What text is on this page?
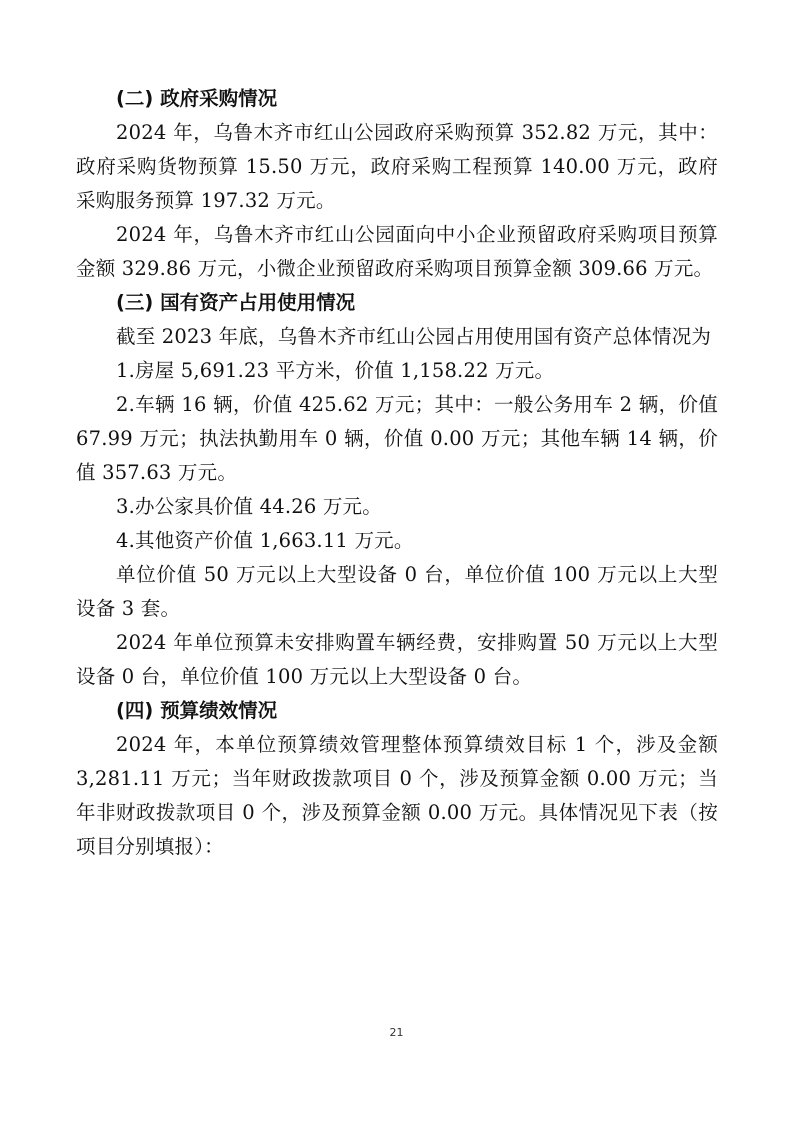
(二) 政府采购情况

2024 年，乌鲁木齐市红山公园政府采购预算 352.82 万元，其中：政府采购货物预算 15.50 万元，政府采购工程预算 140.00 万元，政府采购服务预算 197.32 万元。

2024 年，乌鲁木齐市红山公园面向中小企业预留政府采购项目预算金额 329.86 万元，小微企业预留政府采购项目预算金额 309.66 万元。

(三) 国有资产占用使用情况

截至 2023 年底，乌鲁木齐市红山公园占用使用国有资产总体情况为

1.房屋 5,691.23 平方米，价值 1,158.22 万元。

2.车辆 16 辆，价值 425.62 万元；其中：一般公务用车 2 辆，价值 67.99 万元；执法执勤用车 0 辆，价值 0.00 万元；其他车辆 14 辆，价值 357.63 万元。

3.办公家具价值 44.26 万元。

4.其他资产价值 1,663.11 万元。

单位价值 50 万元以上大型设备 0 台，单位价值 100 万元以上大型设备 3 套。

2024 年单位预算未安排购置车辆经费，安排购置 50 万元以上大型设备 0 台，单位价值 100 万元以上大型设备 0 台。

(四) 预算绩效情况

2024 年，本单位预算绩效管理整体预算绩效目标 1 个，涉及金额 3,281.11 万元；当年财政拨款项目 0 个，涉及预算金额 0.00 万元；当年非财政拨款项目 0 个，涉及预算金额 0.00 万元。具体情况见下表（按项目分别填报）：

21
